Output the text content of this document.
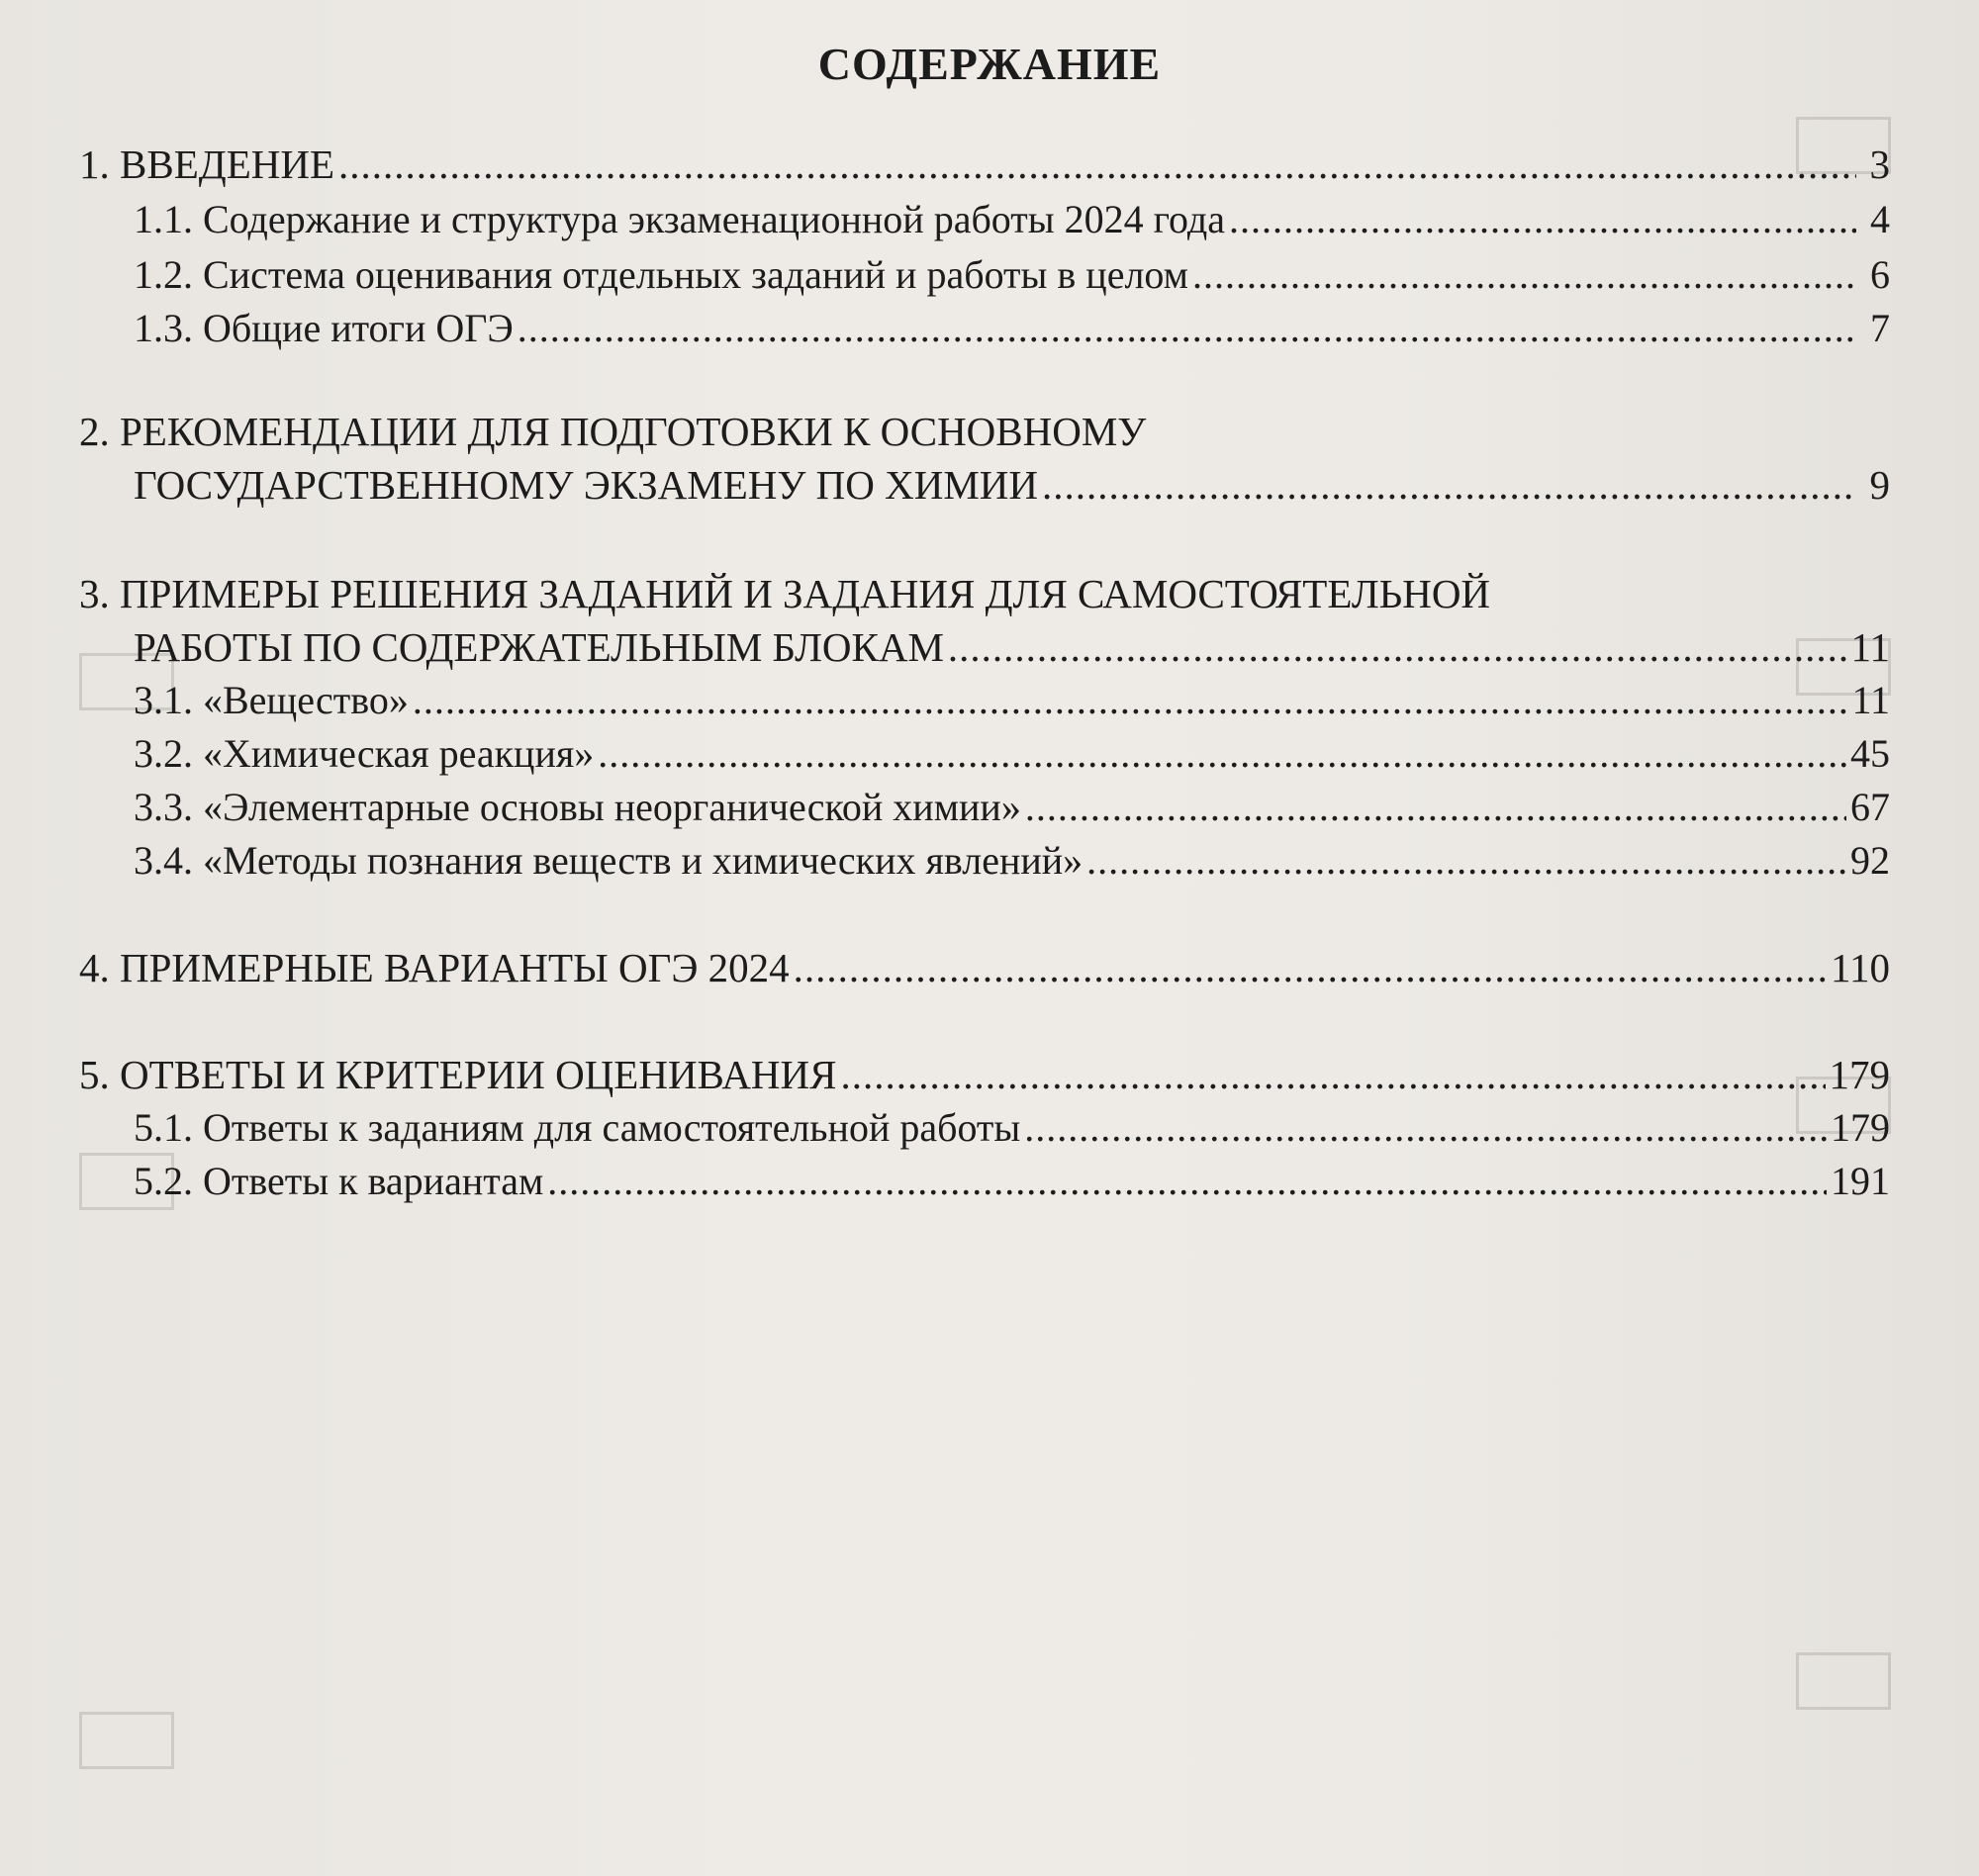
СОДЕРЖАНИЕ
1. ВВЕДЕНИЕ .....	3
1.1. Содержание и структура экзаменационной работы 2024 года .....	4
1.2. Система оценивания отдельных заданий и работы в целом .....	6
1.3. Общие итоги ОГЭ .....	7
2. РЕКОМЕНДАЦИИ ДЛЯ ПОДГОТОВКИ К ОСНОВНОМУ
ГОСУДАРСТВЕННОМУ ЭКЗАМЕНУ ПО ХИМИИ .....	9
3. ПРИМЕРЫ РЕШЕНИЯ ЗАДАНИЙ И ЗАДАНИЯ ДЛЯ САМОСТОЯТЕЛЬНОЙ
РАБОТЫ ПО СОДЕРЖАТЕЛЬНЫМ БЛОКАМ .....	11
3.1. «Вещество» .....	11
3.2. «Химическая реакция» .....	45
3.3. «Элементарные основы неорганической химии» .....	67
3.4. «Методы познания веществ и химических явлений» .....	92
4. ПРИМЕРНЫЕ ВАРИАНТЫ ОГЭ 2024 .....	110
5. ОТВЕТЫ И КРИТЕРИИ ОЦЕНИВАНИЯ .....	179
5.1. Ответы к заданиям для самостоятельной работы .....	179
5.2. Ответы к вариантам .....	191
